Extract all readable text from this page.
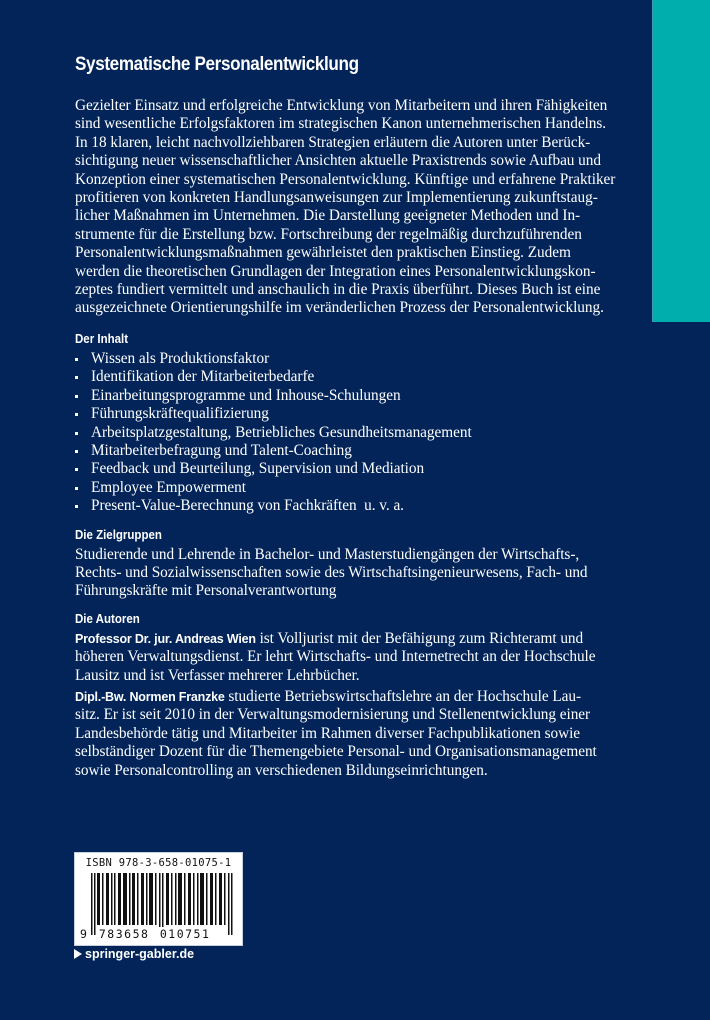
Systematische Personalentwicklung

Gezielter Einsatz und erfolgreiche Entwicklung von Mitarbeitern und ihren Fähigkeiten
sind wesentliche Erfolgsfaktoren im strategischen Kanon unternehmerischen Handelns.
In 18 klaren, leicht nachvollziehbaren Strategien erläutern die Autoren unter Berück-
sichtigung neuer wissenschaftlicher Ansichten aktuelle Praxistrends sowie Aufbau und
Konzeption einer systematischen Personalentwicklung. Künftige und erfahrene Praktiker
profitieren von konkreten Handlungsanweisungen zur Implementierung zukunftstaug-
licher Maßnahmen im Unternehmen. Die Darstellung geeigneter Methoden und In-
strumente für die Erstellung bzw. Fortschreibung der regelmäßig durchzuführenden
Personalentwicklungsmaßnahmen gewährleistet den praktischen Einstieg. Zudem
werden die theoretischen Grundlagen der Integration eines Personalentwicklungskon-
zeptes fundiert vermittelt und anschaulich in die Praxis überführt. Dieses Buch ist eine
ausgezeichnete Orientierungshilfe im veränderlichen Prozess der Personalentwicklung.

Der Inhalt
Wissen als Produktionsfaktor
Identifikation der Mitarbeiterbedarfe
Einarbeitungsprogramme und Inhouse-Schulungen
Führungskräftequalifizierung
Arbeitsplatzgestaltung, Betriebliches Gesundheitsmanagement
Mitarbeiterbefragung und Talent-Coaching
Feedback und Beurteilung, Supervision und Mediation
Employee Empowerment
Present-Value-Berechnung von Fachkräften  u. v. a.
Die Zielgruppen

Studierende und Lehrende in Bachelor- und Masterstudiengängen der Wirtschafts-,
Rechts- und Sozialwissenschaften sowie des Wirtschaftsingenieurwesens, Fach- und
Führungskräfte mit Personalverantwortung

Die Autoren

Professor Dr. jur. Andreas Wien ist Volljurist mit der Befähigung zum Richteramt und
höheren Verwaltungsdienst. Er lehrt Wirtschafts- und Internetrecht an der Hochschule
Lausitz und ist Verfasser mehrerer Lehrbücher.

Dipl.-Bw. Normen Franzke studierte Betriebswirtschaftslehre an der Hochschule Lau-
sitz. Er ist seit 2010 in der Verwaltungsmodernisierung und Stellenentwicklung einer
Landesbehörde tätig und Mitarbeiter im Rahmen diverser Fachpublikationen sowie
selbständiger Dozent für die Themengebiete Personal- und Organisationsmanagement
sowie Personalcontrolling an verschiedenen Bildungseinrichtungen.

ISBN 978-3-658-01075-1
9 783658 010751
springer-gabler.de
